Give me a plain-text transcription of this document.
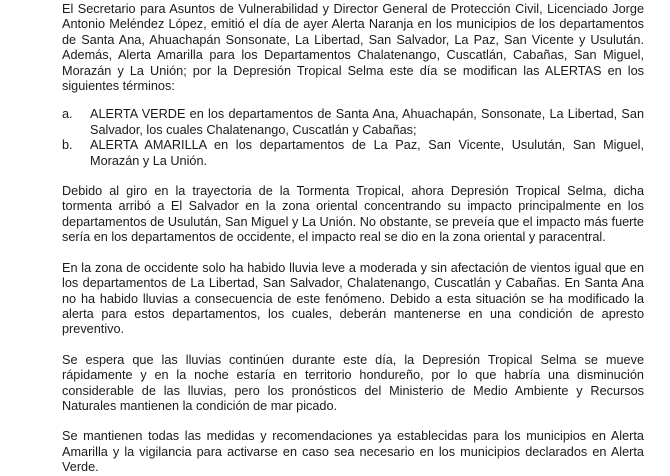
El Secretario para Asuntos de Vulnerabilidad y Director General de Protección Civil, Licenciado Jorge Antonio Meléndez López, emitió el día de ayer Alerta Naranja en los municipios de los departamentos de Santa Ana, Ahuachapán Sonsonate, La Libertad, San Salvador, La Paz, San Vicente y Usulután. Además, Alerta Amarilla para los Departamentos Chalatenango, Cuscatlán, Cabañas, San Miguel, Morazán y La Unión; por la Depresión Tropical Selma este día se modifican las ALERTAS en los siguientes términos:

a.	ALERTA VERDE en los departamentos de Santa Ana, Ahuachapán, Sonsonate, La Libertad, San Salvador, los cuales Chalatenango, Cuscatlán y Cabañas;
b.	ALERTA AMARILLA en los departamentos de La Paz, San Vicente, Usulután, San Miguel, Morazán y La Unión.

Debido al giro en la trayectoria de la Tormenta Tropical, ahora Depresión Tropical Selma, dicha tormenta arribó a El Salvador en la zona oriental concentrando su impacto principalmente en los departamentos de Usulután, San Miguel y La Unión. No obstante, se preveía que el impacto más fuerte sería en los departamentos de occidente, el impacto real se dio en la zona oriental y paracentral.

En la zona de occidente solo ha habido lluvia leve a moderada y sin afectación de vientos igual que en los departamentos de La Libertad, San Salvador, Chalatenango, Cuscatlán y Cabañas. En Santa Ana no ha habido lluvias a consecuencia de este fenómeno. Debido a esta situación se ha modificado la alerta para estos departamentos, los cuales, deberán mantenerse en una condición de apresto preventivo.

Se espera que las lluvias continúen durante este día, la Depresión Tropical Selma se mueve rápidamente y en la noche estaría en territorio hondureño, por lo que habría una disminución considerable de las lluvias, pero los pronósticos del Ministerio de Medio Ambiente y Recursos Naturales mantienen la condición de mar picado.

Se mantienen todas las medidas y recomendaciones ya establecidas para los municipios en Alerta Amarilla y la vigilancia para activarse en caso sea necesario en los municipios declarados en Alerta Verde.
